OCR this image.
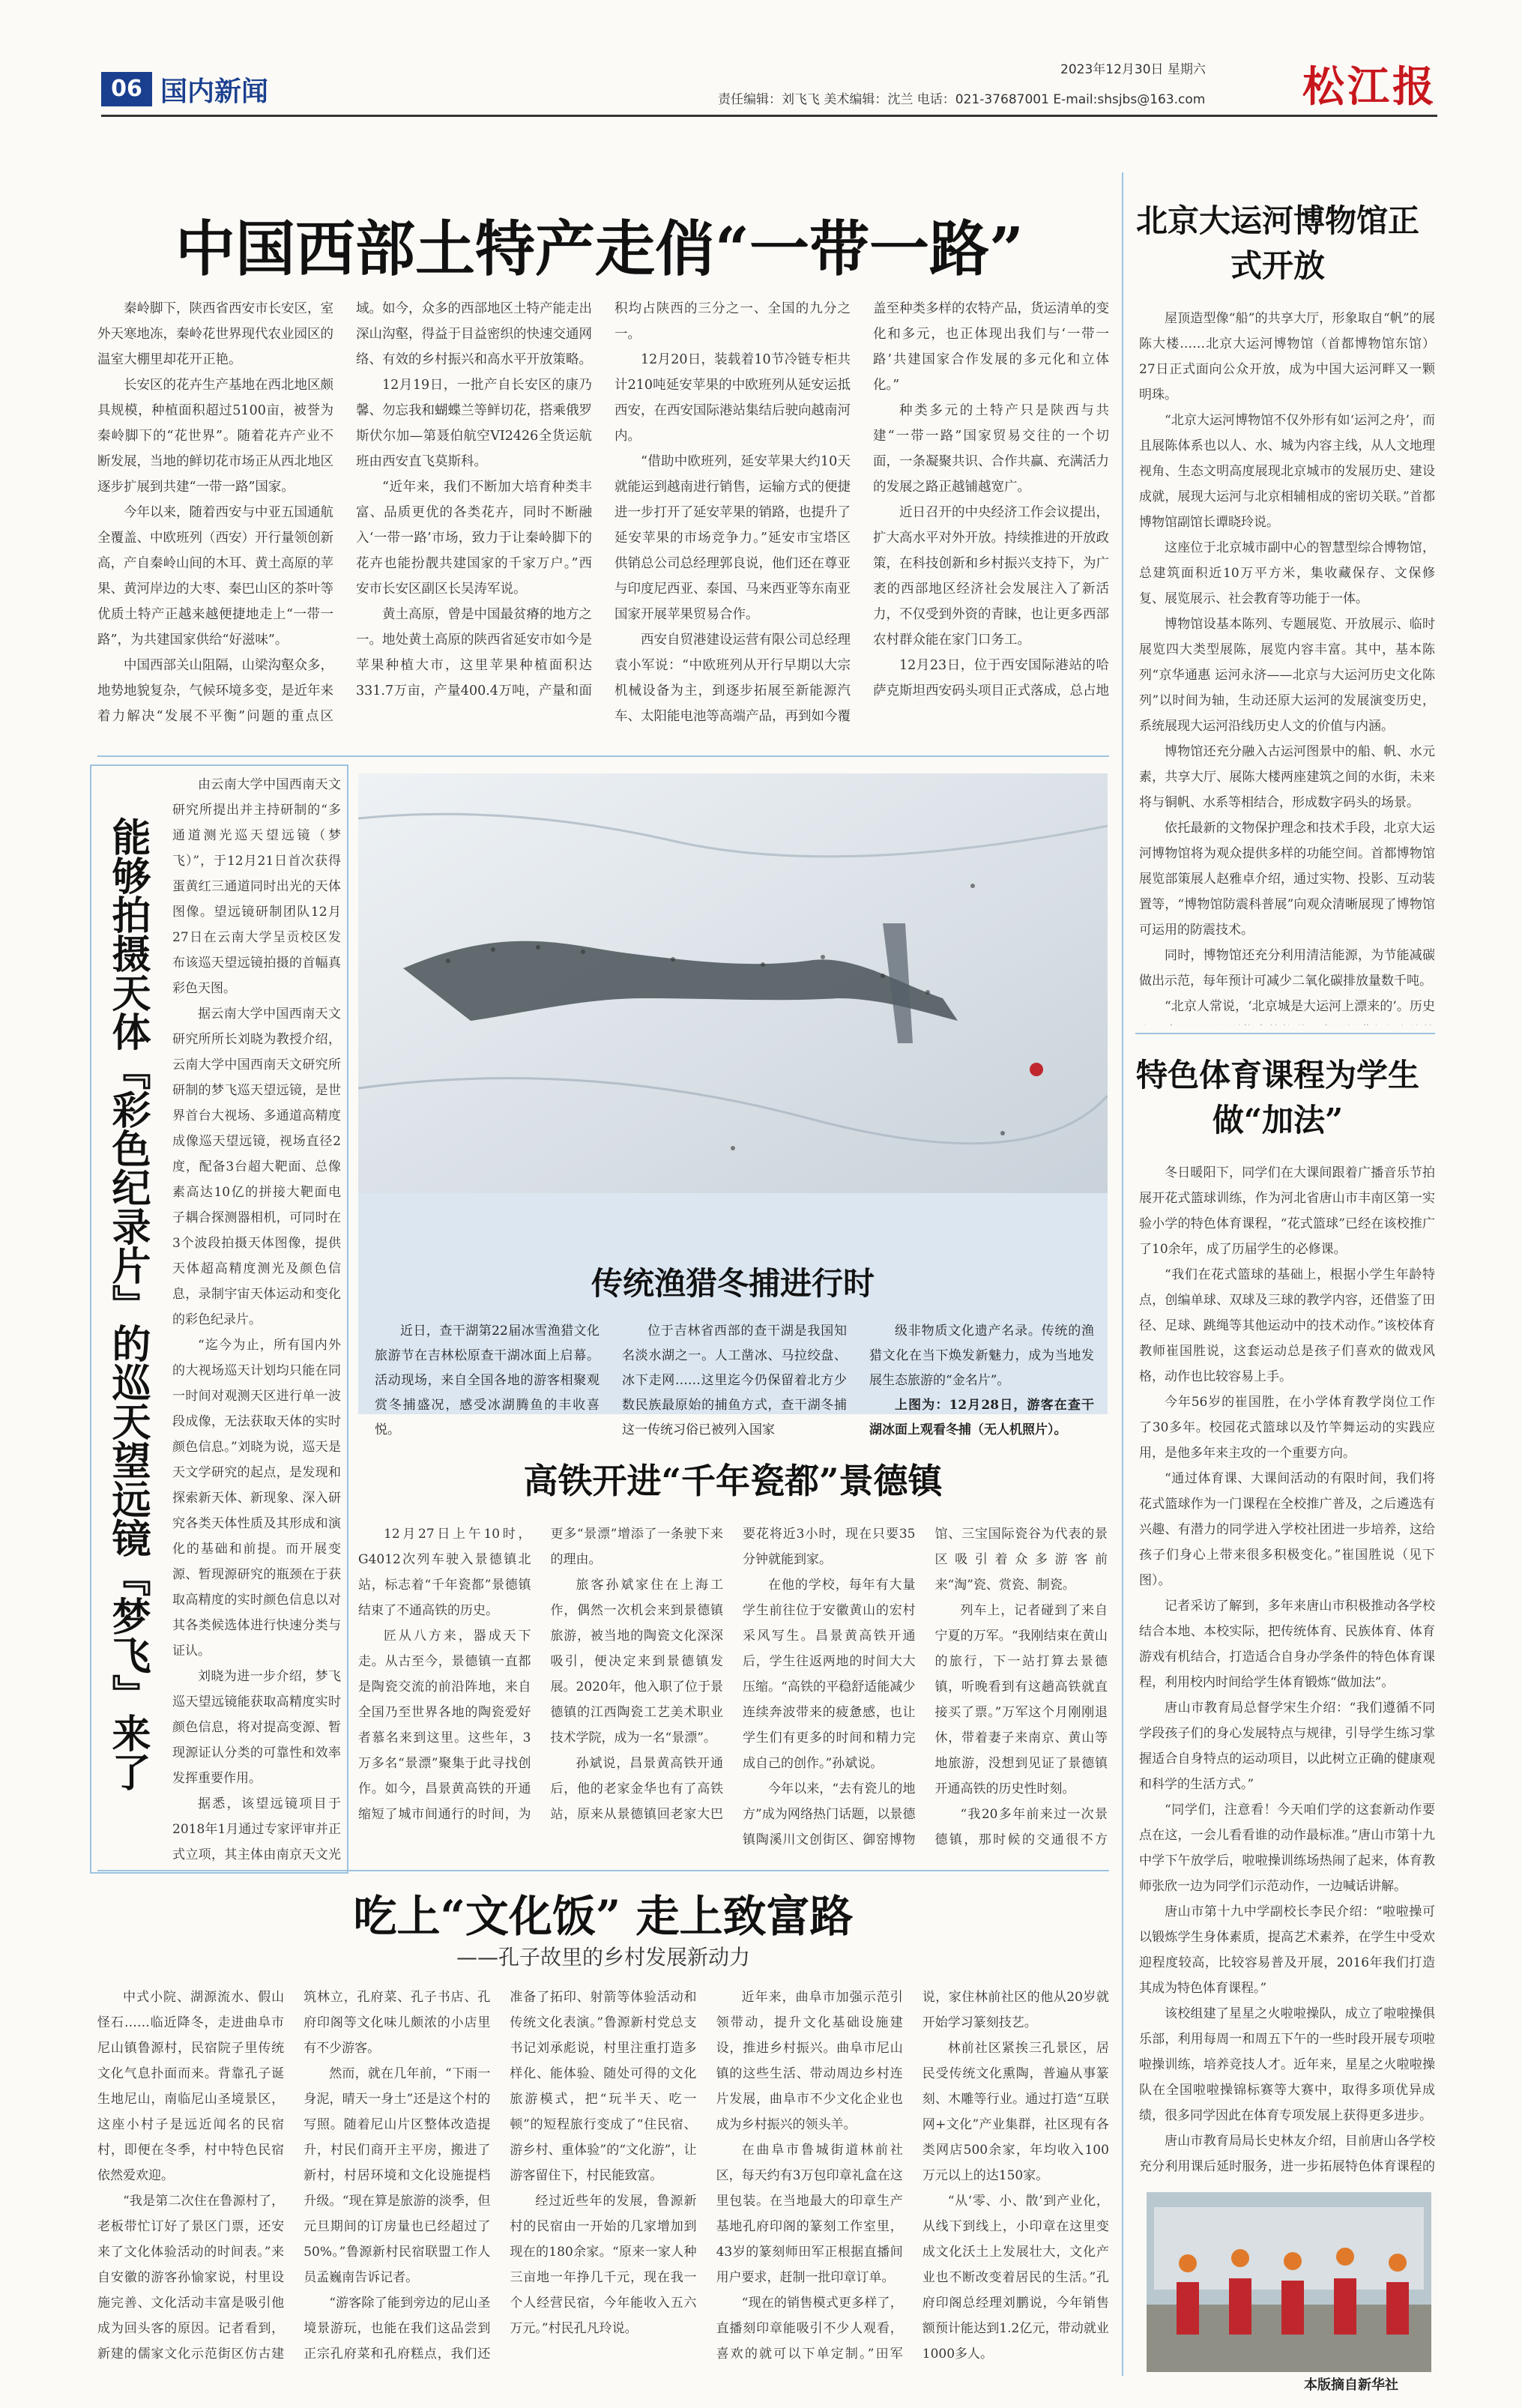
06 国内新闻
2023年12月30日 星期六
责任编辑：刘飞飞 美术编辑：沈兰 电话：021-37687001 E-mail:shsjbs@163.com 松江报
中国西部土特产走俏“一带一路”

秦岭脚下，陕西省西安市长安区，室外天寒地冻，秦岭花世界现代农业园区的温室大棚里却花开正艳。

长安区的花卉生产基地在西北地区颇具规模，种植面积超过5100亩，被誉为秦岭脚下的“花世界”。随着花卉产业不断发展，当地的鲜切花市场正从西北地区逐步扩展到共建“一带一路”国家。

今年以来，随着西安与中亚五国通航全覆盖、中欧班列（西安）开行量领创新高，产自秦岭山间的木耳、黄土高原的苹果、黄河岸边的大枣、秦巴山区的茶叶等优质土特产正越来越便捷地走上“一带一路”，为共建国家供给“好滋味”。

中国西部关山阻隔，山梁沟壑众多，地势地貌复杂，气候环境多变，是近年来着力解决“发展不平衡”问题的重点区域。如今，众多的西部地区土特产能走出深山沟壑，得益于目益密织的快速交通网络、有效的乡村振兴和高水平开放策略。

12月19日，一批产自长安区的康乃馨、勿忘我和蝴蝶兰等鲜切花，搭乘俄罗斯伏尔加—第聂伯航空VI2426全货运航班由西安直飞莫斯科。

“近年来，我们不断加大培育种类丰富、品质更优的各类花卉，同时不断融入‘一带一路’市场，致力于让秦岭脚下的花卉也能扮靓共建国家的千家万户。”西安市长安区副区长吴涛军说。

黄土高原，曾是中国最贫瘠的地方之一。地处黄土高原的陕西省延安市如今是苹果种植大市，这里苹果种植面积达331.7万亩，产量400.4万吨，产量和面积均占陕西的三分之一、全国的九分之一。

12月20日，装载着10节冷链专柜共计210吨延安苹果的中欧班列从延安运抵西安，在西安国际港站集结后驶向越南河内。

“借助中欧班列，延安苹果大约10天就能运到越南进行销售，运输方式的便捷进一步打开了延安苹果的销路，也提升了延安苹果的市场竞争力。”延安市宝塔区供销总公司总经理郭良说，他们还在尊亚与印度尼西亚、泰国、马来西亚等东南亚国家开展苹果贸易合作。

西安自贸港建设运营有限公司总经理袁小军说：“中欧班列从开行早期以大宗机械设备为主，到逐步拓展至新能源汽车、太阳能电池等高端产品，再到如今覆盖至种类多样的农特产品，货运清单的变化和多元，也正体现出我们与‘一带一路’共建国家合作发展的多元化和立体化。”

种类多元的土特产只是陕西与共建“一带一路”国家贸易交往的一个切面，一条凝聚共识、合作共赢、充满活力的发展之路正越铺越宽广。

近日召开的中央经济工作会议提出，扩大高水平对外开放。持续推进的开放政策，在科技创新和乡村振兴支持下，为广袤的西部地区经济社会发展注入了新活力，不仅受到外资的青睐，也让更多西部农村群众能在家门口务工。

12月23日，位于西安国际港站的哈萨克斯坦西安码头项目正式落成，总占地

能够拍摄天体『彩色纪录片』的巡天望远镜『梦飞』来了

由云南大学中国西南天文研究所提出并主持研制的“多通道测光巡天望远镜（梦飞）”，于12月21日首次获得蛋黄红三通道同时出光的天体图像。望远镜研制团队12月27日在云南大学呈贡校区发布该巡天望远镜拍摄的首幅真彩色天图。

据云南大学中国西南天文研究所所长刘晓为教授介绍，云南大学中国西南天文研究所研制的梦飞巡天望远镜，是世界首台大视场、多通道高精度成像巡天望远镜，视场直径2度，配备3台超大靶面、总像素高达10亿的拼接大靶面电子耦合探测器相机，可同时在3个波段拍摄天体图像，提供天体超高精度测光及颜色信息，录制宇宙天体运动和变化的彩色纪录片。

“迄今为止，所有国内外的大视场巡天计划均只能在同一时间对观测天区进行单一波段成像，无法获取天体的实时颜色信息。”刘晓为说，巡天是天文学研究的起点，是发现和探索新天体、新现象、深入研究各类天体性质及其形成和演化的基础和前提。而开展变源、暂现源研究的瓶颈在于获取高精度的实时颜色信息以对其各类候选体进行快速分类与证认。

刘晓为进一步介绍，梦飞巡天望远镜能获取高精度实时颜色信息，将对提高变源、暂现源证认分类的可靠性和效率发挥重要作用。

据悉，该望远镜项目于2018年1月通过专家评审并正式立项，其主体由南京天文光

传统渔猎冬捕进行时

近日，查干湖第22届冰雪渔猎文化旅游节在吉林松原查干湖冰面上启幕。活动现场，来自全国各地的游客相聚观赏冬捕盛况，感受冰湖腾鱼的丰收喜悦。

位于吉林省西部的查干湖是我国知名淡水湖之一。人工凿冰、马拉绞盘、冰下走网……这里迄今仍保留着北方少数民族最原始的捕鱼方式，查干湖冬捕这一传统习俗已被列入国家

级非物质文化遗产名录。传统的渔猎文化在当下焕发新魅力，成为当地发展生态旅游的“金名片”。

上图为：12月28日，游客在查干湖冰面上观看冬捕（无人机照片）。

高铁开进“千年瓷都”景德镇

12月27日上午10时，G4012次列车驶入景德镇北站，标志着“千年瓷都”景德镇结束了不通高铁的历史。

匠从八方来，器成天下走。从古至今，景德镇一直都是陶瓷交流的前沿阵地，来自全国乃至世界各地的陶瓷爱好者慕名来到这里。这些年，3万多名“景漂”聚集于此寻找创作。如今，昌景黄高铁的开通缩短了城市间通行的时间，为更多“景漂”增添了一条驶下来的理由。

旅客孙斌家住在上海工作，偶然一次机会来到景德镇旅游，被当地的陶瓷文化深深吸引，便决定来到景德镇发展。2020年，他入职了位于景德镇的江西陶瓷工艺美术职业技术学院，成为一名“景漂”。

孙斌说，昌景黄高铁开通后，他的老家金华也有了高铁站，原来从景德镇回老家大巴要花将近3小时，现在只要35分钟就能到家。

在他的学校，每年有大量学生前往位于安徽黄山的宏村采风写生。昌景黄高铁开通后，学生往返两地的时间大大压缩。“高铁的平稳舒适能减少连续奔波带来的疲惫感，也让学生们有更多的时间和精力完成自己的创作。”孙斌说。

今年以来，“去有瓷儿的地方”成为网络热门话题，以景德镇陶溪川文创街区、御窑博物馆、三宝国际瓷谷为代表的景区吸引着众多游客前来“淘”瓷、赏瓷、制瓷。

列车上，记者碰到了来自宁夏的万军。“我刚结束在黄山的旅行，下一站打算去景德镇，听晚看到有这趟高铁就直接买了票。”万军这个月刚刚退休，带着妻子来南京、黄山等地旅游，没想到见证了景德镇开通高铁的历史性时刻。

“我20多年前来过一次景德镇，那时候的交通很不方

吃上“文化饭” 走上致富路
——孔子故里的乡村发展新动力

中式小院、湖源流水、假山怪石……临近降冬，走进曲阜市尼山镇鲁源村，民宿院子里传统文化气息扑面而来。背靠孔子诞生地尼山，南临尼山圣境景区，这座小村子是远近闻名的民宿村，即便在冬季，村中特色民宿依然爱欢迎。

“我是第二次住在鲁源村了，老板带忙订好了景区门票，还安来了文化体验活动的时间表。”来自安徽的游客孙愉家说，村里设施完善、文化活动丰富是吸引他成为回头客的原因。记者看到，新建的儒家文化示范街区仿古建筑林立，孔府菜、孔子书店、孔府印阁等文化味儿颇浓的小店里有不少游客。

然而，就在几年前，“下雨一身泥，晴天一身土”还是这个村的写照。随着尼山片区整体改造提升，村民们商开主平房，搬进了新村，村居环境和文化设施提档升级。“现在算是旅游的淡季，但元旦期间的订房量也已经超过了50%。”鲁源新村民宿联盟工作人员孟巍南告诉记者。

“游客除了能到旁边的尼山圣境景游玩，也能在我们这品尝到正宗孔府菜和孔府糕点，我们还准备了拓印、射箭等体验活动和传统文化表演。”鲁源新村党总支书记刘承彪说，村里注重打造多样化、能体验、随处可得的文化旅游模式，把“玩半天、吃一顿”的短程旅行变成了“住民宿、游乡村、重体验”的“文化游”，让游客留住下，村民能致富。

经过近些年的发展，鲁源新村的民宿由一开始的几家增加到现在的180余家。“原来一家人种三亩地一年挣几千元，现在我一个人经营民宿，今年能收入五六万元。”村民孔凡玲说。

近年来，曲阜市加强示范引领带动，提升文化基础设施建设，推进乡村振兴。曲阜市尼山镇的这些生活、带动周边乡村连片发展，曲阜市不少文化企业也成为乡村振兴的领头羊。

在曲阜市鲁城街道林前社区，每天约有3万包印章礼盒在这里包装。在当地最大的印章生产基地孔府印阁的篆刻工作室里，43岁的篆刻师田军正根据直播间用户要求，赶制一批印章订单。

“现在的销售模式更多样了，直播刻印章能吸引不少人观看，喜欢的就可以下单定制。”田军说，家住林前社区的他从20岁就开始学习篆刻技艺。

林前社区紧挨三孔景区，居民受传统文化熏陶，普遍从事篆刻、木雕等行业。通过打造“互联网+文化”产业集群，社区现有各类网店500余家，年均收入100万元以上的达150家。

“从‘零、小、散’到产业化，从线下到线上，小印章在这里变成文化沃土上发展壮大，文化产业也不断改变着居民的生活。”孔府印阁总经理刘鹏说，今年销售额预计能达到1.2亿元，带动就业1000多人。

北京大运河博物馆正式开放

屋顶造型像“船”的共享大厅，形象取自“帆”的展陈大楼……北京大运河博物馆（首都博物馆东馆）27日正式面向公众开放，成为中国大运河畔又一颗明珠。

“北京大运河博物馆不仅外形有如‘运河之舟’，而且展陈体系也以人、水、城为内容主线，从人文地理视角、生态文明高度展现北京城市的发展历史、建设成就，展现大运河与北京相辅相成的密切关联。”首都博物馆副馆长谭晓玲说。

这座位于北京城市副中心的智慧型综合博物馆，总建筑面积近10万平方米，集收藏保存、文保修复、展览展示、社会教育等功能于一体。

博物馆设基本陈列、专题展览、开放展示、临时展览四大类型展陈，展览内容丰富。其中，基本陈列“京华通惠 运河永济——北京与大运河历史文化陈列”以时间为轴，生动还原大运河的发展演变历史，系统展现大运河沿线历史人文的价值与内涵。

博物馆还充分融入古运河图景中的船、帆、水元素，共享大厅、展陈大楼两座建筑之间的水街，未来将与铜帆、水系等相结合，形成数字码头的场景。

依托最新的文物保护理念和技术手段，北京大运河博物馆将为观众提供多样的功能空间。首都博物馆展览部策展人赵雅卓介绍，通过实物、投影、互动装置等，“博物馆防震科普展”向观众清晰展现了博物馆可运用的防震技术。

同时，博物馆还充分利用清洁能源，为节能减碳做出示范，每年预计可减少二氧化碳排放量数千吨。

“北京人常说，‘北京城是大运河上漂来的’。历史

特色体育课程为学生做“加法”

冬日暖阳下，同学们在大课间跟着广播音乐节拍展开花式篮球训练，作为河北省唐山市丰南区第一实验小学的特色体育课程，“花式篮球”已经在该校推广了10余年，成了历届学生的必修课。

“我们在花式篮球的基础上，根据小学生年龄特点，创编单球、双球及三球的教学内容，还借鉴了田径、足球、跳绳等其他运动中的技术动作。”该校体育教师崔国胜说，这套运动总是孩子们喜欢的做戏风格，动作也比较容易上手。

今年56岁的崔国胜，在小学体育教学岗位工作了30多年。校园花式篮球以及竹竿舞运动的实践应用，是他多年来主攻的一个重要方向。

“通过体育课、大课间活动的有限时间，我们将花式篮球作为一门课程在全校推广普及，之后遴选有兴趣、有潜力的同学进入学校社团进一步培养，这给孩子们身心上带来很多积极变化。”崔国胜说（见下图）。

记者采访了解到，多年来唐山市积极推动各学校结合本地、本校实际，把传统体育、民族体育、体育游戏有机结合，打造适合自身办学条件的特色体育课程，利用校内时间给学生体育锻炼“做加法”。

唐山市教育局总督学宋生介绍：“我们遵循不同学段孩子们的身心发展特点与规律，引导学生练习掌握适合自身特点的运动项目，以此树立正确的健康观和科学的生活方式。”

“同学们，注意看！今天咱们学的这套新动作要点在这，一会儿看看谁的动作最标准。”唐山市第十九中学下午放学后，啦啦操训练场热闹了起来，体育教师张欣一边为同学们示范动作，一边喊话讲解。

唐山市第十九中学副校长李民介绍：“啦啦操可以锻炼学生身体素质，提高艺术素养，在学生中受欢迎程度较高，比较容易普及开展，2016年我们打造其成为特色体育课程。”

该校组建了星星之火啦啦操队，成立了啦啦操俱乐部，利用每周一和周五下午的一些时段开展专项啦啦操训练，培养竞技人才。近年来，星星之火啦啦操队在全国啦啦操锦标赛等大赛中，取得多项优异成绩，很多同学因此在体育专项发展上获得更多进步。

唐山市教育局局长史林友介绍，目前唐山各学校充分利用课后延时服务，进一步拓展特色体育课程的

本版摘自新华社
